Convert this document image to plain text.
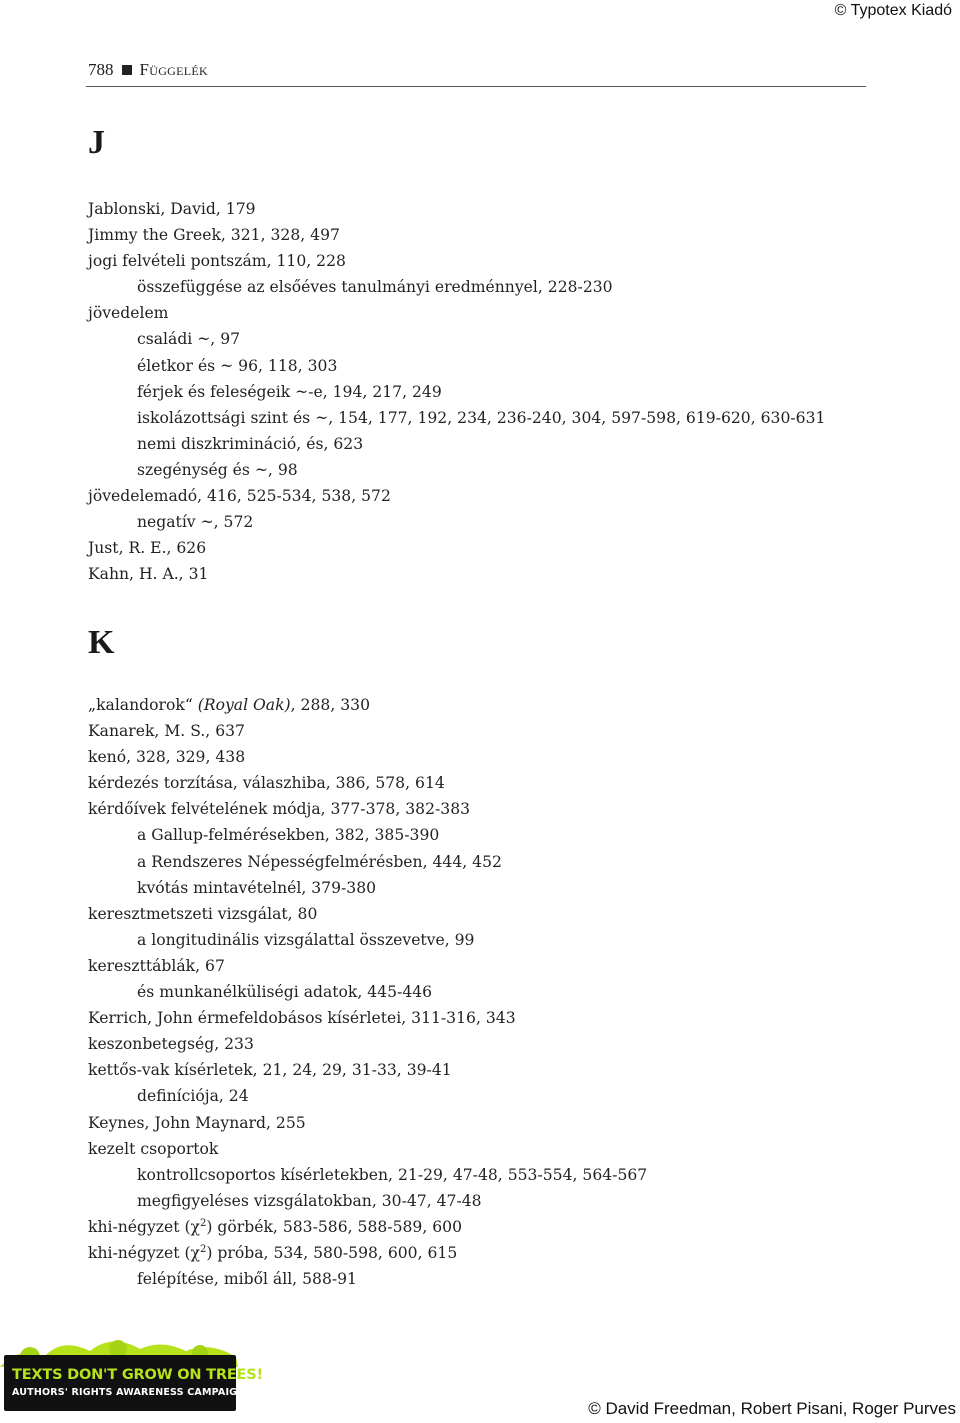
© Typotex Kiadó
788 Függelék
J
Jablonski, David, 179
Jimmy the Greek, 321, 328, 497
jogi felvételi pontszám, 110, 228
összefüggése az elsőéves tanulmányi eredménnyel, 228-230
jövedelem
családi ~, 97
életkor és ~ 96, 118, 303
férjek és feleségeik ~-e, 194, 217, 249
iskolázottsági szint és ~, 154, 177, 192, 234, 236-240, 304, 597-598, 619-620, 630-631
nemi diszkrimináció, és, 623
szegénység és ~, 98
jövedelemadó, 416, 525-534, 538, 572
negatív ~, 572
Just, R. E., 626
Kahn, H. A., 31
K
„kalandorok“ (Royal Oak), 288, 330
Kanarek, M. S., 637
kenó, 328, 329, 438
kérdezés torzítása, válaszhiba, 386, 578, 614
kérdőívek felvételének módja, 377-378, 382-383
a Gallup-felmérésekben, 382, 385-390
a Rendszeres Népességfelmérésben, 444, 452
kvótás mintavételnél, 379-380
keresztmetszeti vizsgálat, 80
a longitudinális vizsgálattal összevetve, 99
kereszttáblák, 67
és munkanélküliségi adatok, 445-446
Kerrich, John érmefeldobásos kísérletei, 311-316, 343
keszonbetegség, 233
kettős-vak kísérletek, 21, 24, 29, 31-33, 39-41
definíciója, 24
Keynes, John Maynard, 255
kezelt csoportok
kontrollcsoportos kísérletekben, 21-29, 47-48, 553-554, 564-567
megfigyeléses vizsgálatokban, 30-47, 47-48
khi-négyzet $(\chi^2)$ görbék, 583-586, 588-589, 600
khi-négyzet $(\chi^2)$ próba, 534, 580-598, 600, 615
felépítése, miből áll, 588-91
TEXTS DON'T GROW ON TREES!
AUTHORS' RIGHTS AWARENESS CAMPAIGN
© David Freedman, Robert Pisani, Roger Purves
